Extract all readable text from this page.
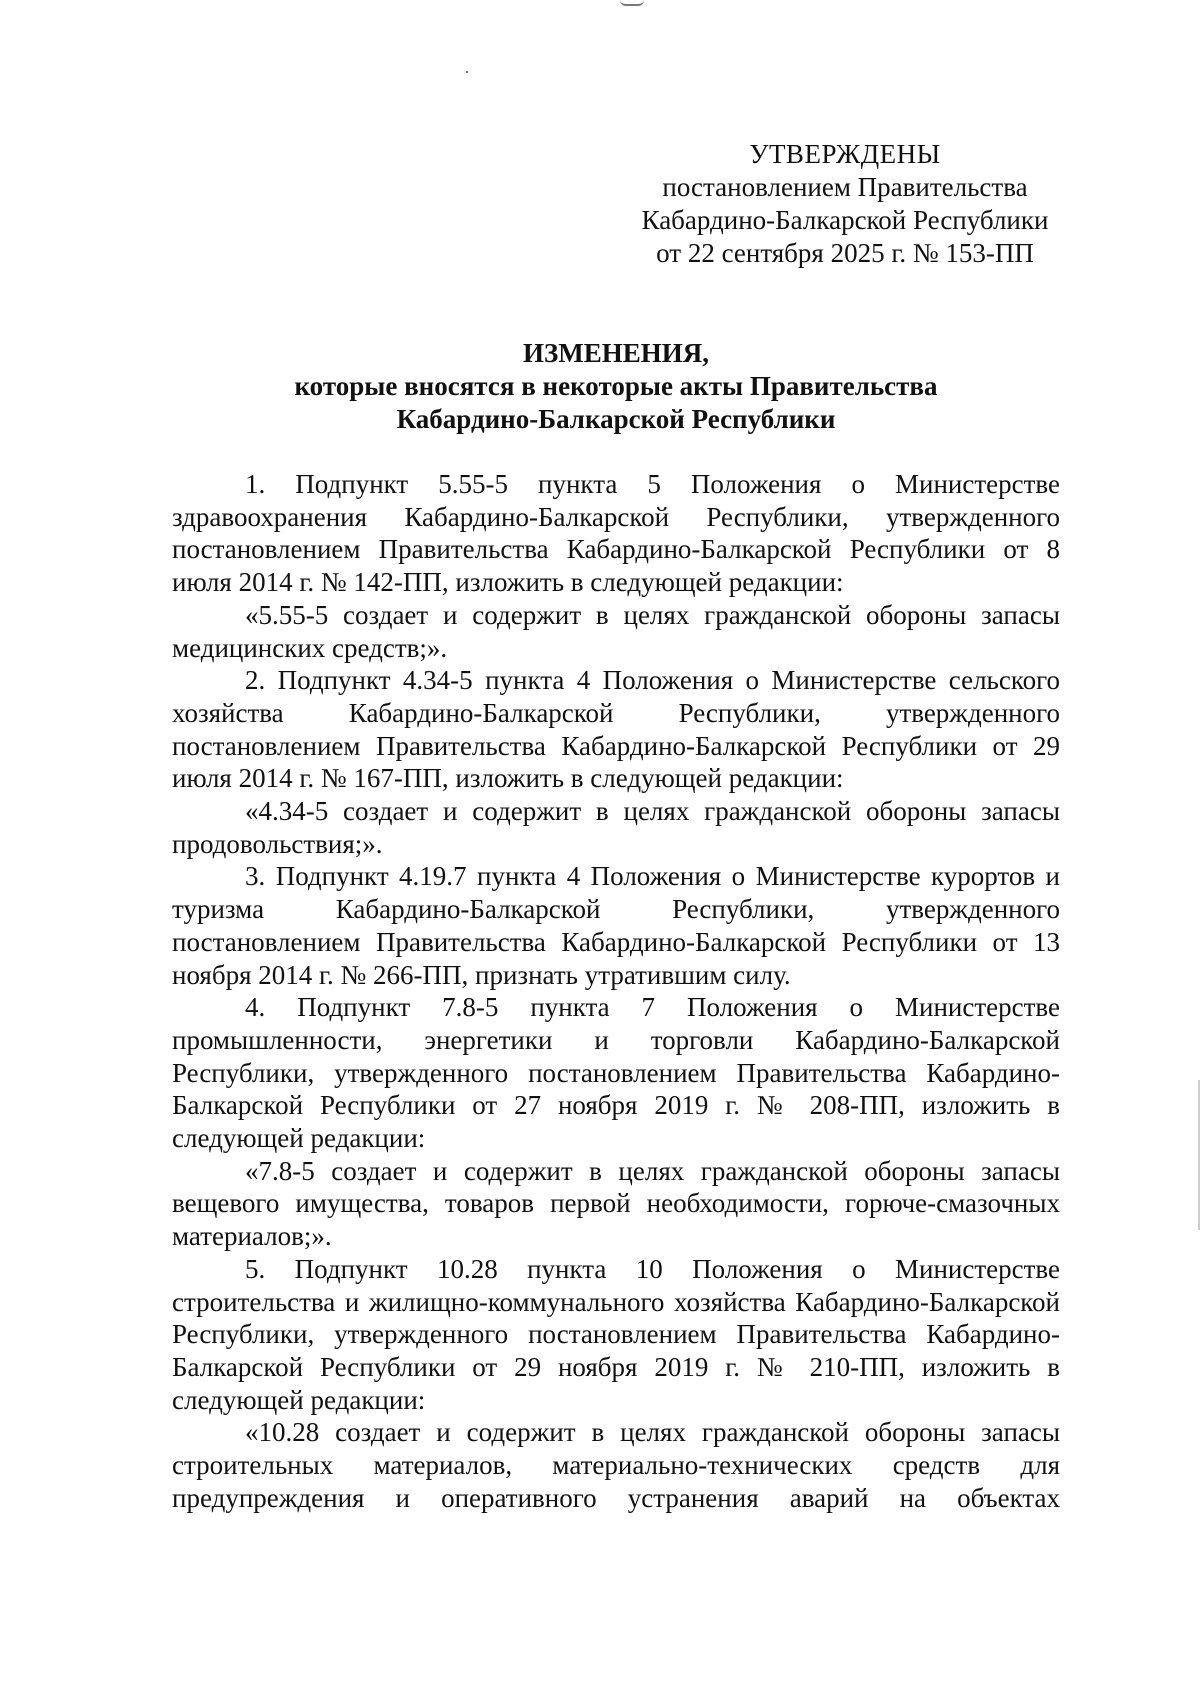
УТВЕРЖДЕНЫ
постановлением Правительства
Кабардино-Балкарской Республики
от 22 сентября 2025 г. № 153-ПП
ИЗМЕНЕНИЯ,
которые вносятся в некоторые акты Правительства
Кабардино-Балкарской Республики

1. Подпункт 5.55-5 пункта 5 Положения о Министерстве здравоохранения Кабардино-Балкарской Республики, утвержденного постановлением Правительства Кабардино-Балкарской Республики от 8 июля 2014 г. № 142-ПП, изложить в следующей редакции:

«5.55-5 создает и содержит в целях гражданской обороны запасы медицинских средств;».

2. Подпункт 4.34-5 пункта 4 Положения о Министерстве сельского хозяйства Кабардино-Балкарской Республики, утвержденного постановлением Правительства Кабардино-Балкарской Республики от 29 июля 2014 г. № 167-ПП, изложить в следующей редакции:

«4.34-5 создает и содержит в целях гражданской обороны запасы продовольствия;».

3. Подпункт 4.19.7 пункта 4 Положения о Министерстве курортов и туризма Кабардино-Балкарской Республики, утвержденного постановлением Правительства Кабардино-Балкарской Республики от 13 ноября 2014 г. № 266-ПП, признать утратившим силу.

4. Подпункт 7.8-5 пункта 7 Положения о Министерстве промышленности, энергетики и торговли Кабардино-Балкарской Республики, утвержденного постановлением Правительства Кабардино-Балкарской Республики от 27 ноября 2019 г. № 208-ПП, изложить в следующей редакции:

«7.8-5 создает и содержит в целях гражданской обороны запасы вещевого имущества, товаров первой необходимости, горюче-смазочных материалов;».

5. Подпункт 10.28 пункта 10 Положения о Министерстве строительства и жилищно-коммунального хозяйства Кабардино-Балкарской Республики, утвержденного постановлением Правительства Кабардино-Балкарской Республики от 29 ноября 2019 г. № 210-ПП, изложить в следующей редакции:

«10.28 создает и содержит в целях гражданской обороны запасы строительных материалов, материально-технических средств для предупреждения и оперативного устранения аварий на объектах
